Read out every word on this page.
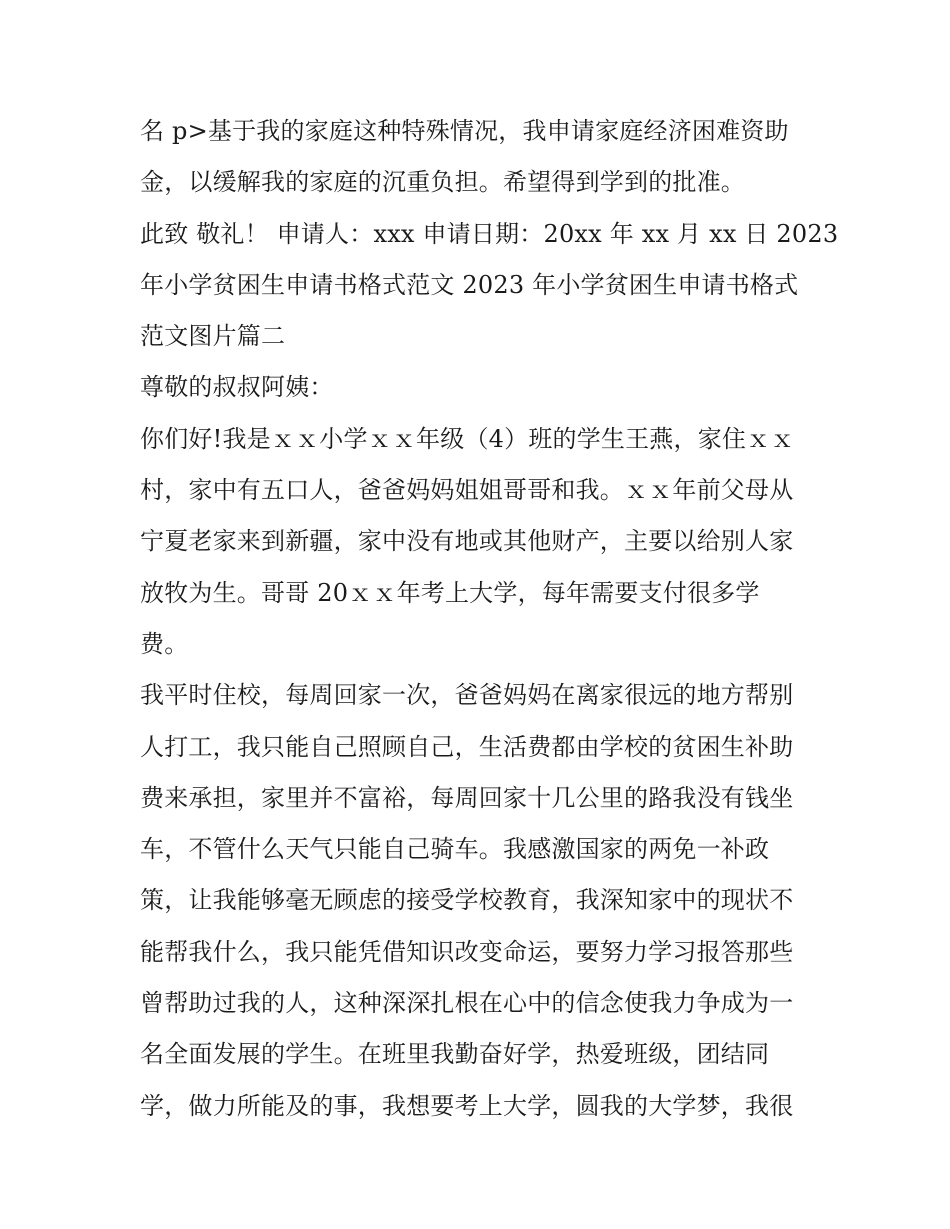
名 p>基于我的家庭这种特殊情况，我申请家庭经济困难资助
金，以缓解我的家庭的沉重负担。希望得到学到的批准。
此致 敬礼！ 申请人：xxx 申请日期：20xx 年 xx 月 xx 日 2023
年小学贫困生申请书格式范文 2023 年小学贫困生申请书格式
范文图片篇二
尊敬的叔叔阿姨：
你们好!我是ｘｘ小学ｘｘ年级（4）班的学生王燕，家住ｘｘ
村，家中有五口人，爸爸妈妈姐姐哥哥和我。ｘｘ年前父母从
宁夏老家来到新疆，家中没有地或其他财产，主要以给别人家
放牧为生。哥哥 20ｘｘ年考上大学，每年需要支付很多学
费。
我平时住校，每周回家一次，爸爸妈妈在离家很远的地方帮别
人打工，我只能自己照顾自己，生活费都由学校的贫困生补助
费来承担，家里并不富裕，每周回家十几公里的路我没有钱坐
车，不管什么天气只能自己骑车。我感激国家的两免一补政
策，让我能够毫无顾虑的接受学校教育，我深知家中的现状不
能帮我什么，我只能凭借知识改变命运，要努力学习报答那些
曾帮助过我的人，这种深深扎根在心中的信念使我力争成为一
名全面发展的学生。在班里我勤奋好学，热爱班级，团结同
学，做力所能及的事，我想要考上大学，圆我的大学梦，我很
